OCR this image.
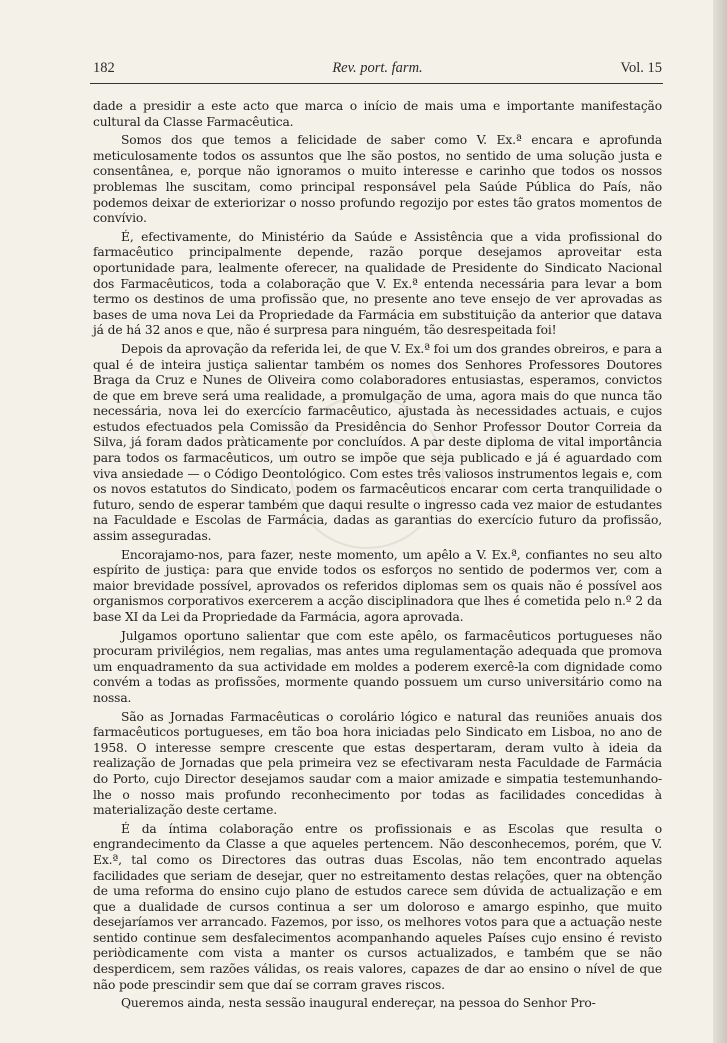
182	Rev. port. farm.	Vol. 15

dade a presidir a este acto que marca o início de mais uma e importante manifestação cultural da Classe Farmacêutica.

Somos dos que temos a felicidade de saber como V. Ex.ª encara e aprofunda meticulosamente todos os assuntos que lhe são postos, no sentido de uma solução justa e consentânea, e, porque não ignoramos o muito interesse e carinho que todos os nossos problemas lhe suscitam, como principal responsável pela Saúde Pública do País, não podemos deixar de exteriorizar o nosso profundo regozijo por estes tão gratos momentos de convívio.

É, efectivamente, do Ministério da Saúde e Assistência que a vida profissional do farmacêutico principalmente depende, razão porque desejamos aproveitar esta oportunidade para, lealmente oferecer, na qualidade de Presidente do Sindicato Nacional dos Farmacêuticos, toda a colaboração que V. Ex.ª entenda necessária para levar a bom termo os destinos de uma profissão que, no presente ano teve ensejo de ver aprovadas as bases de uma nova Lei da Propriedade da Farmácia em substituição da anterior que datava já de há 32 anos e que, não é surpresa para ninguém, tão desrespeitada foi!

Depois da aprovação da referida lei, de que V. Ex.ª foi um dos grandes obreiros, e para a qual é de inteira justiça salientar também os nomes dos Senhores Professores Doutores Braga da Cruz e Nunes de Oliveira como colaboradores entusiastas, esperamos, convictos de que em breve será uma realidade, a promulgação de uma, agora mais do que nunca tão necessária, nova lei do exercício farmacêutico, ajustada às necessidades actuais, e cujos estudos efectuados pela Comissão da Presidência do Senhor Professor Doutor Correia da Silva, já foram dados pràticamente por concluídos. A par deste diploma de vital importância para todos os farmacêuticos, um outro se impõe que seja publicado e já é aguardado com viva ansiedade — o Código Deontológico. Com estes três valiosos instrumentos legais e, com os novos estatutos do Sindicato, podem os farmacêuticos encarar com certa tranquilidade o futuro, sendo de esperar também que daqui resulte o ingresso cada vez maior de estudantes na Faculdade e Escolas de Farmácia, dadas as garantias do exercício futuro da profissão, assim asseguradas.

Encorajamo-nos, para fazer, neste momento, um apêlo a V. Ex.ª, confiantes no seu alto espírito de justiça: para que envide todos os esforços no sentido de podermos ver, com a maior brevidade possível, aprovados os referidos diplomas sem os quais não é possível aos organismos corporativos exercerem a acção disciplinadora que lhes é cometida pelo n.º 2 da base XI da Lei da Propriedade da Farmácia, agora aprovada.

Julgamos oportuno salientar que com este apêlo, os farmacêuticos portugueses não procuram privilégios, nem regalias, mas antes uma regulamentação adequada que promova um enquadramento da sua actividade em moldes a poderem exercê-la com dignidade como convém a todas as profissões, mormente quando possuem um curso universitário como na nossa.

São as Jornadas Farmacêuticas o corolário lógico e natural das reuniões anuais dos farmacêuticos portugueses, em tão boa hora iniciadas pelo Sindicato em Lisboa, no ano de 1958. O interesse sempre crescente que estas despertaram, deram vulto à ideia da realização de Jornadas que pela primeira vez se efectivaram nesta Faculdade de Farmácia do Porto, cujo Director desejamos saudar com a maior amizade e simpatia testemunhando-lhe o nosso mais profundo reconhecimento por todas as facilidades concedidas à materialização deste certame.

É da íntima colaboração entre os profissionais e as Escolas que resulta o engrandecimento da Classe a que aqueles pertencem. Não desconhecemos, porém, que V. Ex.ª, tal como os Directores das outras duas Escolas, não tem encontrado aquelas facilidades que seriam de desejar, quer no estreitamento destas relações, quer na obtenção de uma reforma do ensino cujo plano de estudos carece sem dúvida de actualização e em que a dualidade de cursos continua a ser um doloroso e amargo espinho, que muito desejaríamos ver arrancado. Fazemos, por isso, os melhores votos para que a actuação neste sentido continue sem desfalecimentos acompanhando aqueles Países cujo ensino é revisto periòdicamente com vista a manter os cursos actualizados, e também que se não desperdicem, sem razões válidas, os reais valores, capazes de dar ao ensino o nível de que não pode prescindir sem que daí se corram graves riscos.

Queremos ainda, nesta sessão inaugural endereçar, na pessoa do Senhor Pro-
